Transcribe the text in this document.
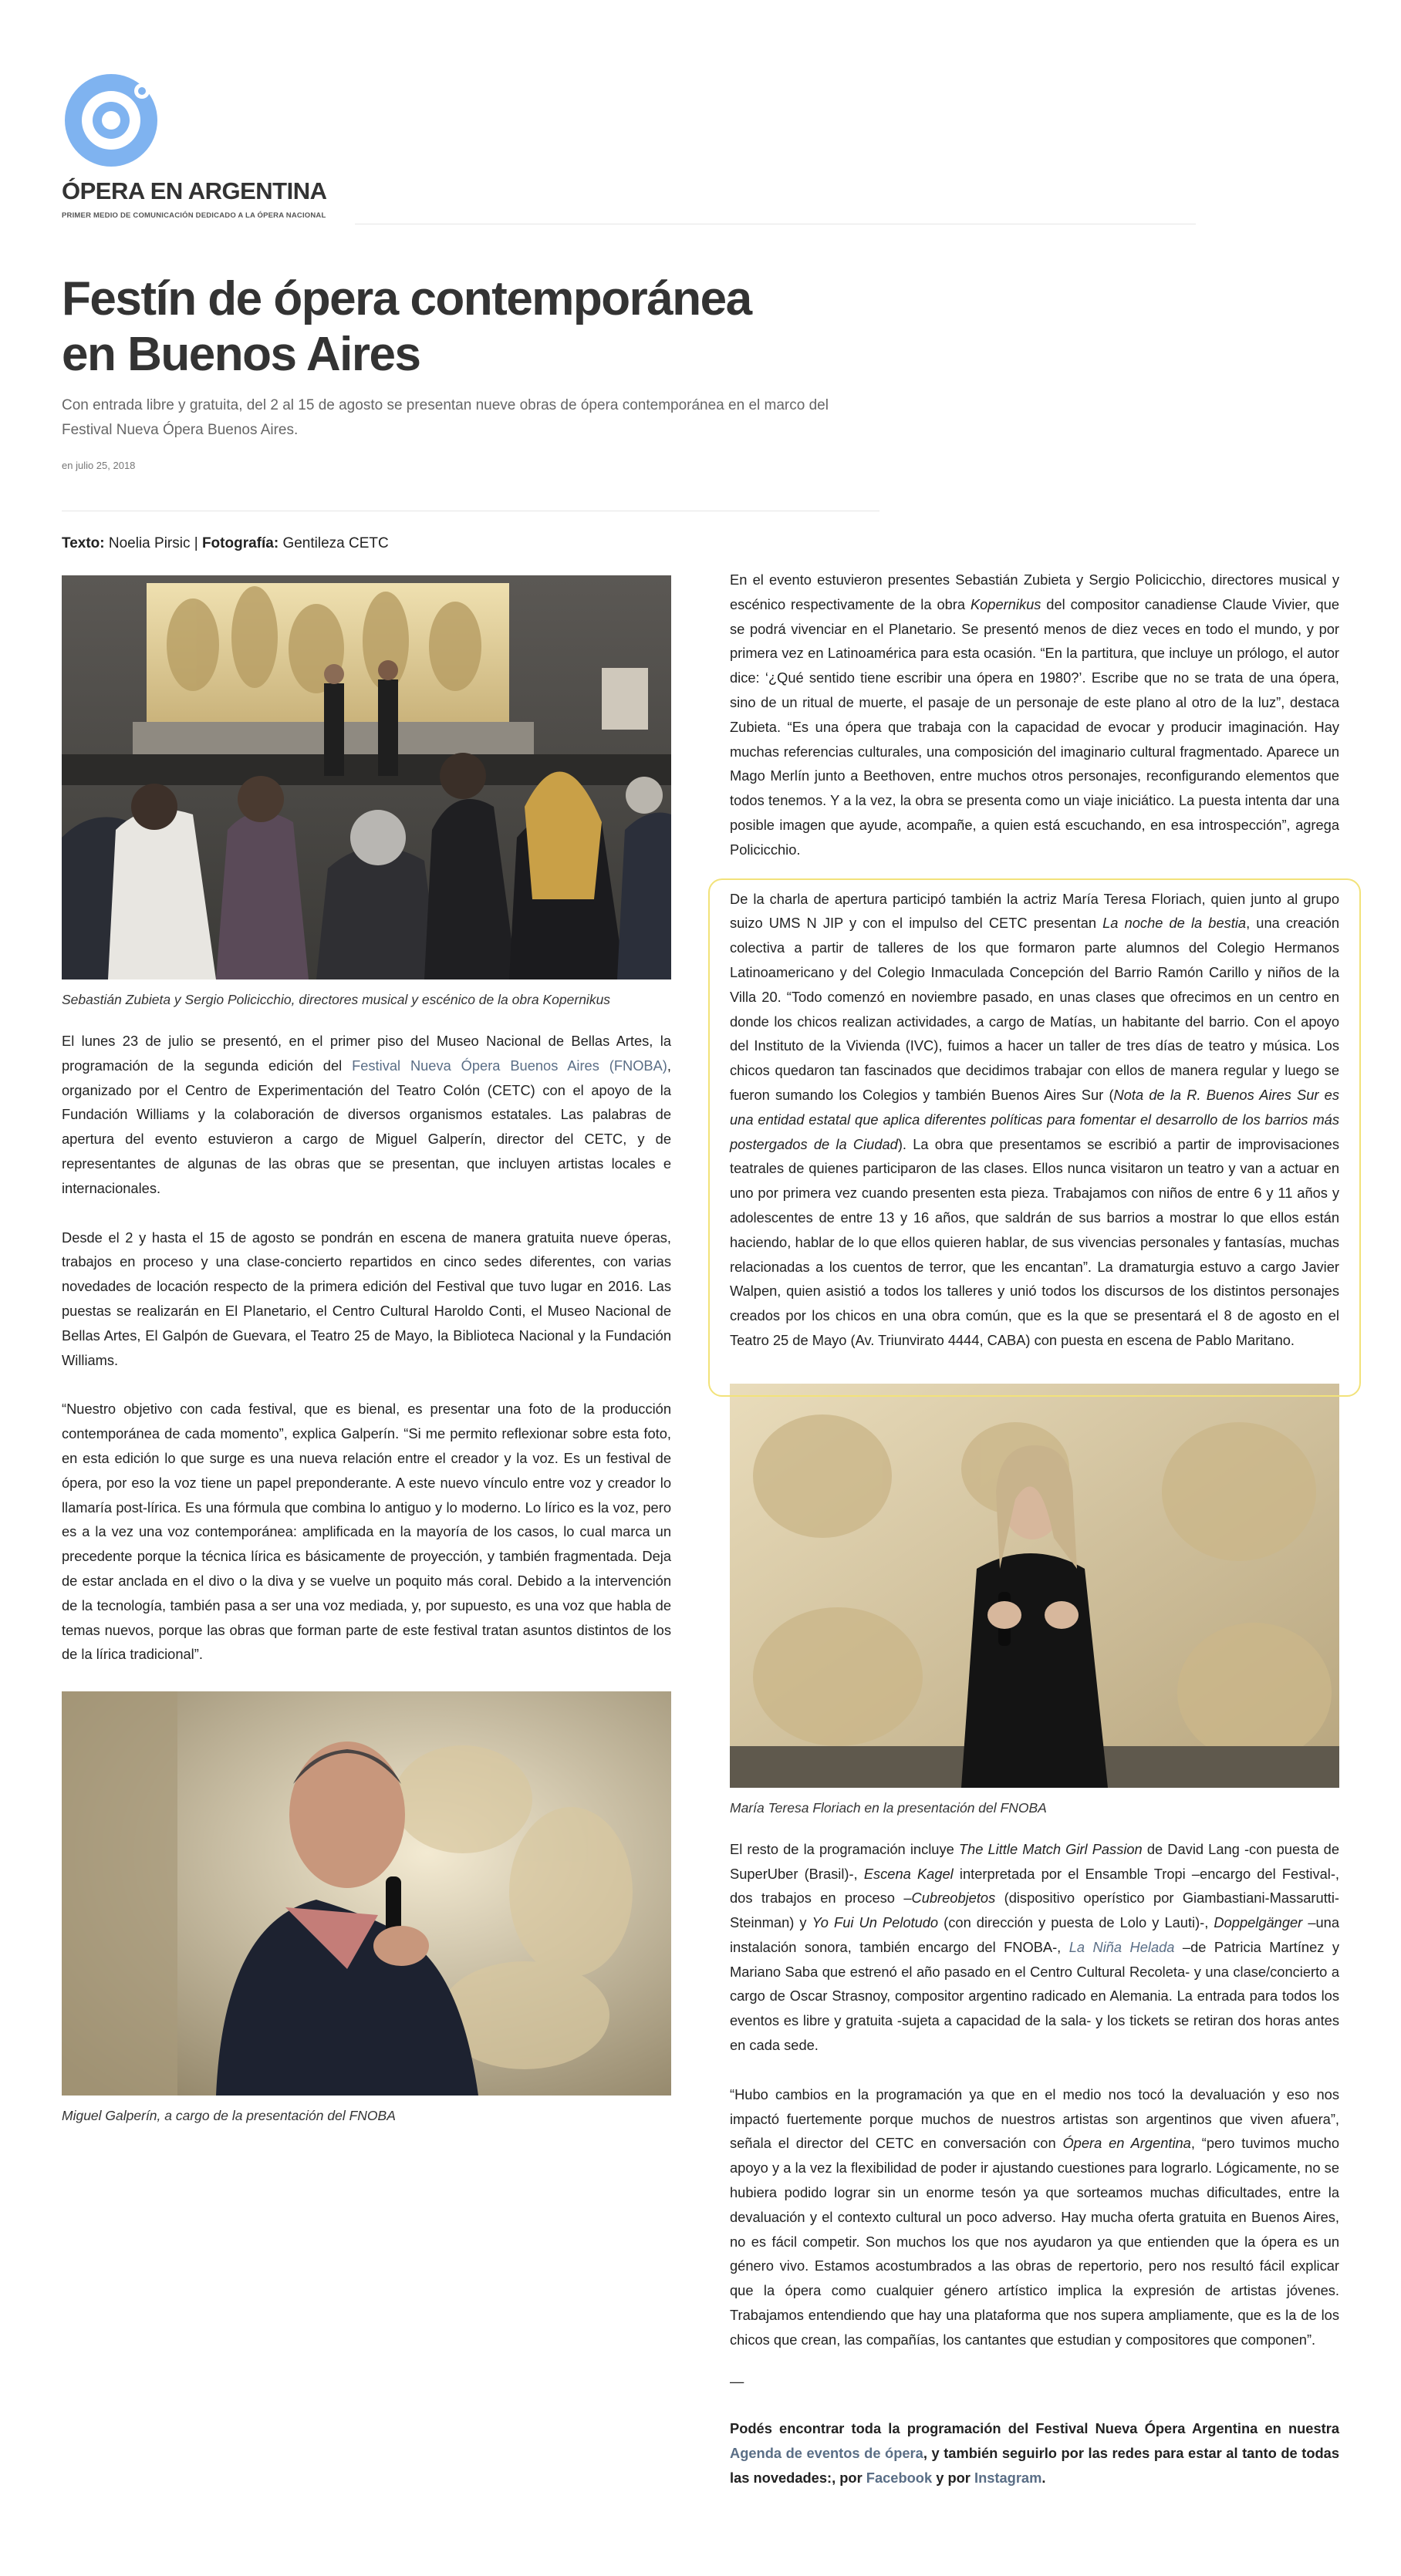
ÓPERA EN ARGENTINA
PRIMER MEDIO DE COMUNICACIÓN DEDICADO A LA ÓPERA NACIONAL
Festín de ópera contemporánea en Buenos Aires

Con entrada libre y gratuita, del 2 al 15 de agosto se presentan nueve obras de ópera contemporánea en el marco del Festival Nueva Ópera Buenos Aires.

en julio 25, 2018
Texto: Noelia Pirsic | Fotografía: Gentileza CETC

Sebastián Zubieta y Sergio Policicchio, directores musical y escénico de la obra Kopernikus

El lunes 23 de julio se presentó, en el primer piso del Museo Nacional de Bellas Artes, la programación de la segunda edición del Festival Nueva Ópera Buenos Aires (FNOBA), organizado por el Centro de Experimentación del Teatro Colón (CETC) con el apoyo de la Fundación Williams y la colaboración de diversos organismos estatales. Las palabras de apertura del evento estuvieron a cargo de Miguel Galperín, director del CETC, y de representantes de algunas de las obras que se presentan, que incluyen artistas locales e internacionales.

Desde el 2 y hasta el 15 de agosto se pondrán en escena de manera gratuita nueve óperas, trabajos en proceso y una clase-concierto repartidos en cinco sedes diferentes, con varias novedades de locación respecto de la primera edición del Festival que tuvo lugar en 2016. Las puestas se realizarán en El Planetario, el Centro Cultural Haroldo Conti, el Museo Nacional de Bellas Artes, El Galpón de Guevara, el Teatro 25 de Mayo, la Biblioteca Nacional y la Fundación Williams.

“Nuestro objetivo con cada festival, que es bienal, es presentar una foto de la producción contemporánea de cada momento”, explica Galperín. “Si me permito reflexionar sobre esta foto, en esta edición lo que surge es una nueva relación entre el creador y la voz. Es un festival de ópera, por eso la voz tiene un papel preponderante. A este nuevo vínculo entre voz y creador lo llamaría post-lírica. Es una fórmula que combina lo antiguo y lo moderno. Lo lírico es la voz, pero es a la vez una voz contemporánea: amplificada en la mayoría de los casos, lo cual marca un precedente porque la técnica lírica es básicamente de proyección, y también fragmentada. Deja de estar anclada en el divo o la diva y se vuelve un poquito más coral. Debido a la intervención de la tecnología, también pasa a ser una voz mediada, y, por supuesto, es una voz que habla de temas nuevos, porque las obras que forman parte de este festival tratan asuntos distintos de los de la lírica tradicional”.

Miguel Galperín, a cargo de la presentación del FNOBA

En el evento estuvieron presentes Sebastián Zubieta y Sergio Policicchio, directores musical y escénico respectivamente de la obra Kopernikus del compositor canadiense Claude Vivier, que se podrá vivenciar en el Planetario. Se presentó menos de diez veces en todo el mundo, y por primera vez en Latinoamérica para esta ocasión. “En la partitura, que incluye un prólogo, el autor dice: ‘¿Qué sentido tiene escribir una ópera en 1980?’. Escribe que no se trata de una ópera, sino de un ritual de muerte, el pasaje de un personaje de este plano al otro de la luz”, destaca Zubieta. “Es una ópera que trabaja con la capacidad de evocar y producir imaginación. Hay muchas referencias culturales, una composición del imaginario cultural fragmentado. Aparece un Mago Merlín junto a Beethoven, entre muchos otros personajes, reconfigurando elementos que todos tenemos. Y a la vez, la obra se presenta como un viaje iniciático. La puesta intenta dar una posible imagen que ayude, acompañe, a quien está escuchando, en esa introspección”, agrega Policicchio.

De la charla de apertura participó también la actriz María Teresa Floriach, quien junto al grupo suizo UMS N JIP y con el impulso del CETC presentan La noche de la bestia, una creación colectiva a partir de talleres de los que formaron parte alumnos del Colegio Hermanos Latinoamericano y del Colegio Inmaculada Concepción del Barrio Ramón Carillo y niños de la Villa 20. “Todo comenzó en noviembre pasado, en unas clases que ofrecimos en un centro en donde los chicos realizan actividades, a cargo de Matías, un habitante del barrio. Con el apoyo del Instituto de la Vivienda (IVC), fuimos a hacer un taller de tres días de teatro y música. Los chicos quedaron tan fascinados que decidimos trabajar con ellos de manera regular y luego se fueron sumando los Colegios y también Buenos Aires Sur (Nota de la R. Buenos Aires Sur es una entidad estatal que aplica diferentes políticas para fomentar el desarrollo de los barrios más postergados de la Ciudad). La obra que presentamos se escribió a partir de improvisaciones teatrales de quienes participaron de las clases. Ellos nunca visitaron un teatro y van a actuar en uno por primera vez cuando presenten esta pieza. Trabajamos con niños de entre 6 y 11 años y adolescentes de entre 13 y 16 años, que saldrán de sus barrios a mostrar lo que ellos están haciendo, hablar de lo que ellos quieren hablar, de sus vivencias personales y fantasías, muchas relacionadas a los cuentos de terror, que les encantan”. La dramaturgia estuvo a cargo Javier Walpen, quien asistió a todos los talleres y unió todos los discursos de los distintos personajes creados por los chicos en una obra común, que es la que se presentará el 8 de agosto en el Teatro 25 de Mayo (Av. Triunvirato 4444, CABA) con puesta en escena de Pablo Maritano.

María Teresa Floriach en la presentación del FNOBA

El resto de la programación incluye The Little Match Girl Passion de David Lang -con puesta de SuperUber (Brasil)-, Escena Kagel interpretada por el Ensamble Tropi –encargo del Festival-, dos trabajos en proceso –Cubreobjetos (dispositivo operístico por Giambastiani-Massarutti-Steinman) y Yo Fui Un Pelotudo (con dirección y puesta de Lolo y Lauti)-, Doppelgänger –una instalación sonora, también encargo del FNOBA-, La Niña Helada –de Patricia Martínez y Mariano Saba que estrenó el año pasado en el Centro Cultural Recoleta- y una clase/concierto a cargo de Oscar Strasnoy, compositor argentino radicado en Alemania. La entrada para todos los eventos es libre y gratuita -sujeta a capacidad de la sala- y los tickets se retiran dos horas antes en cada sede.

“Hubo cambios en la programación ya que en el medio nos tocó la devaluación y eso nos impactó fuertemente porque muchos de nuestros artistas son argentinos que viven afuera”, señala el director del CETC en conversación con Ópera en Argentina, “pero tuvimos mucho apoyo y a la vez la flexibilidad de poder ir ajustando cuestiones para lograrlo. Lógicamente, no se hubiera podido lograr sin un enorme tesón ya que sorteamos muchas dificultades, entre la devaluación y el contexto cultural un poco adverso. Hay mucha oferta gratuita en Buenos Aires, no es fácil competir. Son muchos los que nos ayudaron ya que entienden que la ópera es un género vivo. Estamos acostumbrados a las obras de repertorio, pero nos resultó fácil explicar que la ópera como cualquier género artístico implica la expresión de artistas jóvenes. Trabajamos entendiendo que hay una plataforma que nos supera ampliamente, que es la de los chicos que crean, las compañías, los cantantes que estudian y compositores que componen”.

—

Podés encontrar toda la programación del Festival Nueva Ópera Argentina en nuestra Agenda de eventos de ópera, y también seguirlo por las redes para estar al tanto de todas las novedades:, por Facebook y por Instagram.
